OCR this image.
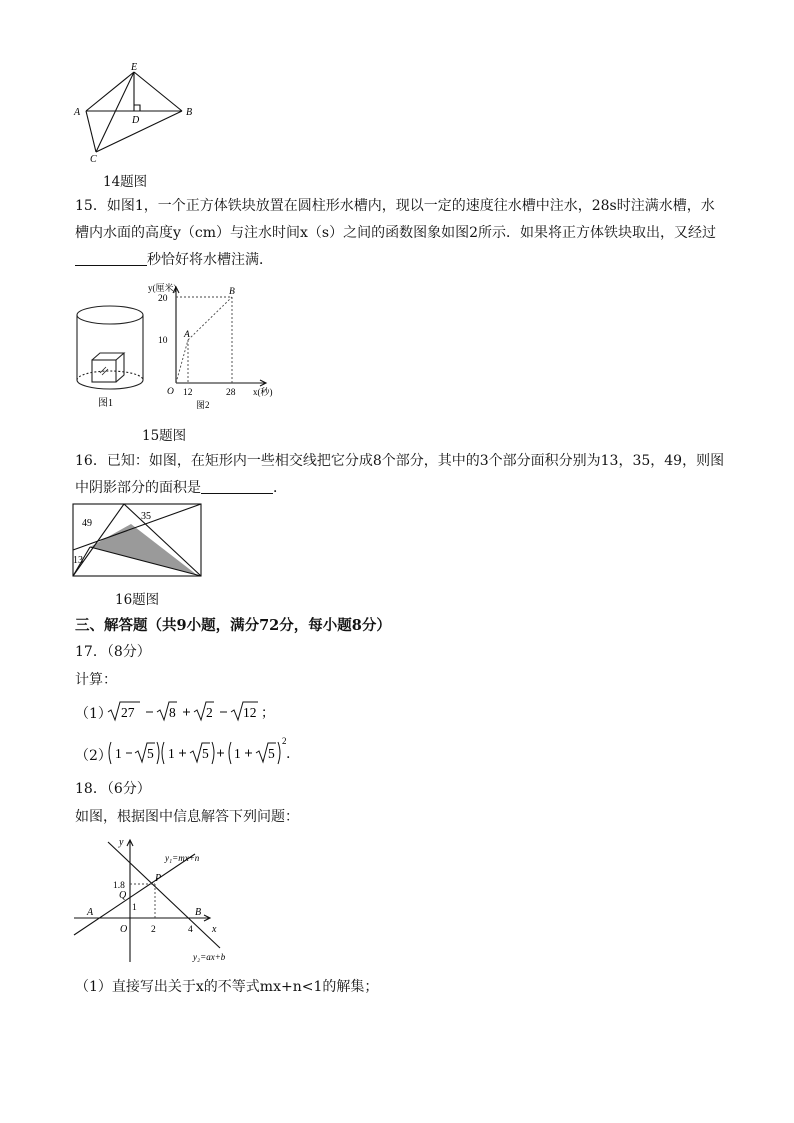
E
A
D
B
C
14题图
15．如图1，一个正方体铁块放置在圆柱形水槽内，现以一定的速度往水槽中注水，28s时注满水槽，水槽内水面的高度y（cm）与注水时间x（s）之间的函数图象如图2所示．如果将正方体铁块取出，又经过
秒恰好将水槽注满．
图1
y(厘米)
20
10
A
B
O 12	28 x(秒)
图2
15题图
16．已知：如图，在矩形内一些相交线把它分成8个部分，其中的3个部分面积分别为13，35，49，则图中阴影部分的面积是	．
49
35
13
16题图
三、解答题（共9小题，满分72分，每小题8分）
17．（8分）
计算：
（1） 27	8 2 12 ；
（2） 1	5
5 1	1 5
2
.
18．（6分）
如图，根据图中信息解答下列问题：
y
x
O
P
Q
A	B
1.8
1
2	4
y₁=mx+n
y₂=ax+b
（1）直接写出关于x的不等式mx+n<1的解集；
